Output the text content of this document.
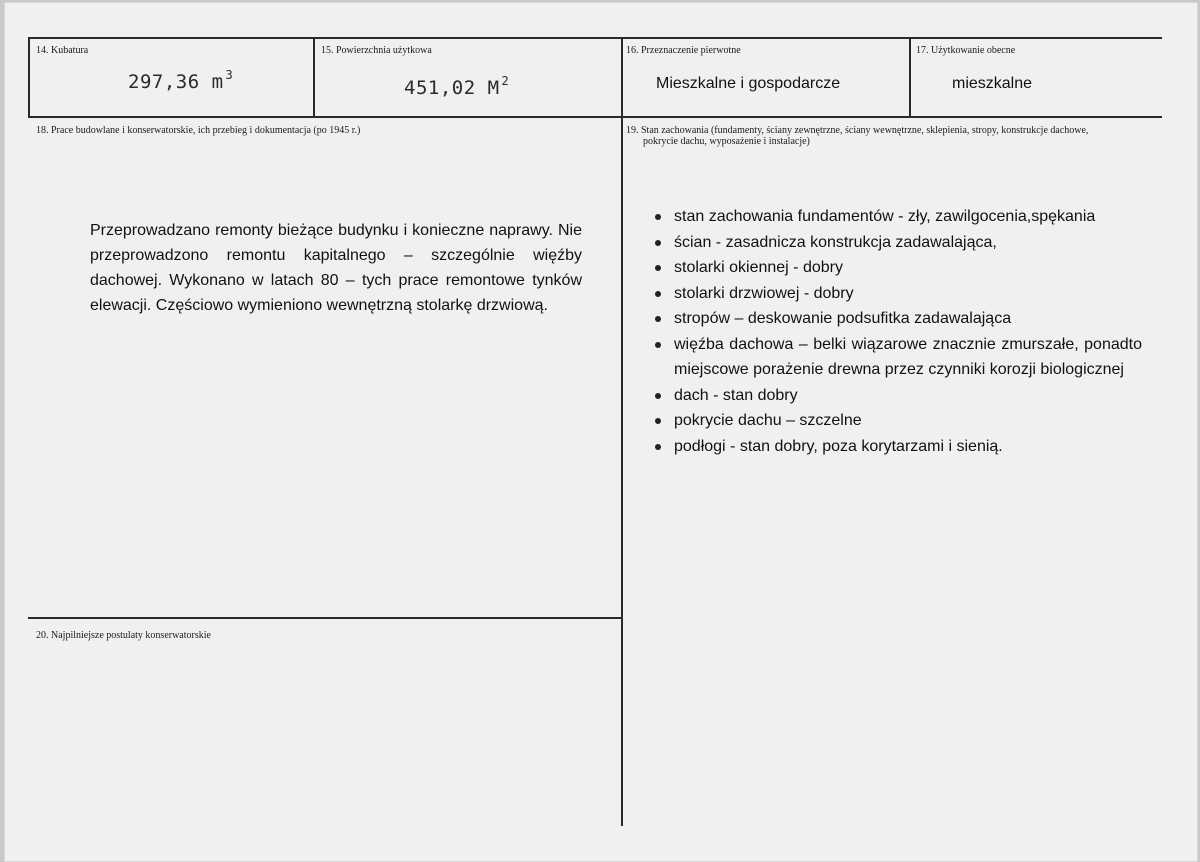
14. Kubatura
297,36 m $^3$
15. Powierzchnia użytkowa
451,02 M $^2$
16. Przeznaczenie pierwotne
Mieszkalne i gospodarcze
17. Użytkowanie obecne
mieszkalne
18. Prace budowlane i konserwatorskie, ich przebieg i dokumentacja (po 1945 r.)
Przeprowadzano remonty bieżące budynku i konieczne naprawy. Nie przeprowadzono remontu kapitalnego – szczególnie więźby dachowej. Wykonano w latach 80 – tych prace remontowe tynków elewacji. Częściowo wymieniono wewnętrzną stolarkę drzwiową.
19. Stan zachowania (fundamenty, ściany zewnętrzne, ściany wewnętrzne, sklepienia, stropy, konstrukcje dachowe,
pokrycie dachu, wyposażenie i instalacje)
stan zachowania fundamentów - zły, zawilgocenia,spękania
ścian - zasadnicza konstrukcja zadawalająca,
stolarki okiennej - dobry
stolarki drzwiowej - dobry
stropów – deskowanie podsufitka zadawalająca
więźba dachowa – belki wiązarowe znacznie zmurszałe, ponadto miejscowe porażenie drewna przez czynniki korozji biologicznej
dach - stan dobry
pokrycie dachu – szczelne
podłogi - stan dobry, poza korytarzami i sienią.
20. Najpilniejsze postulaty konserwatorskie
